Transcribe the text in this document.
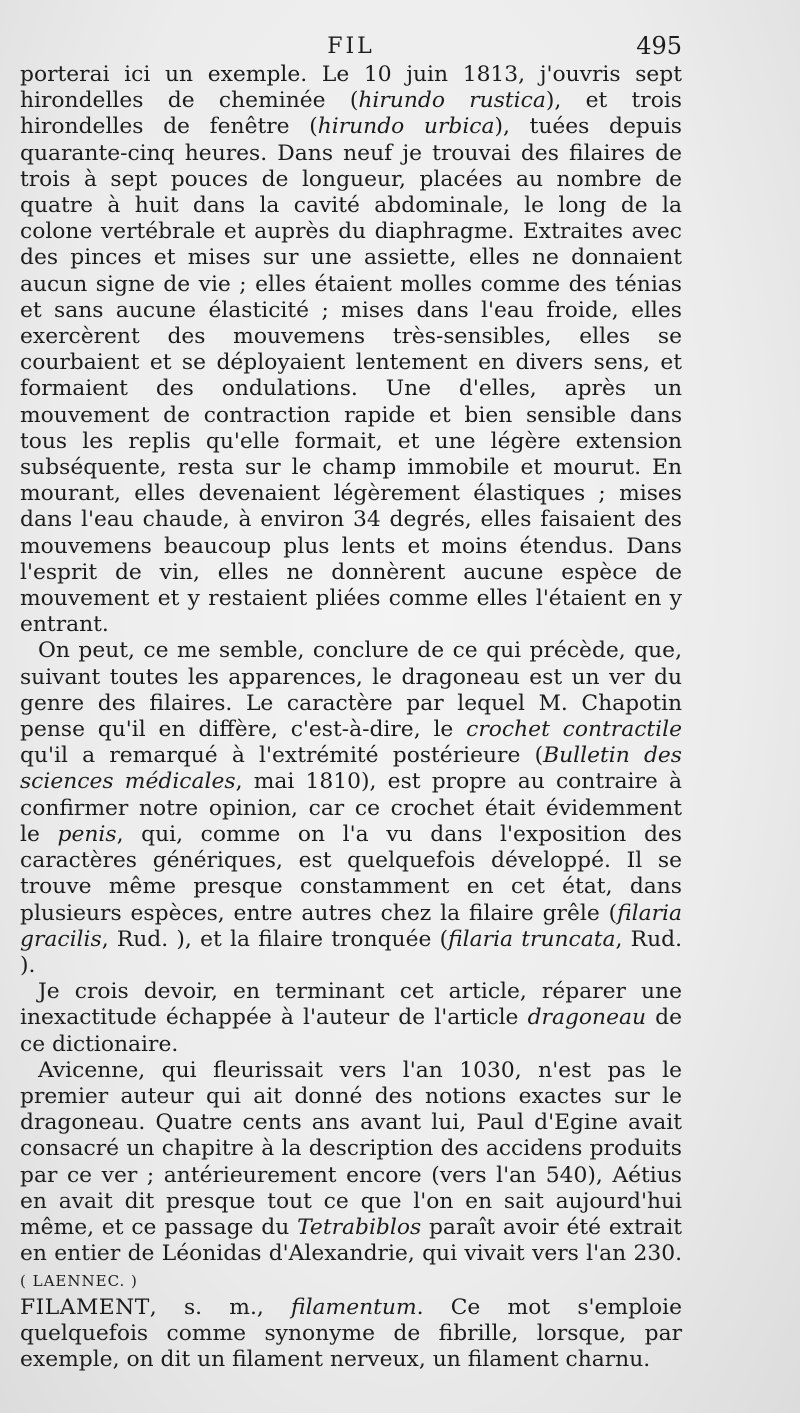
FIL	495

porterai ici un exemple. Le 10 juin 1813, j'ouvris sept hirondelles de cheminée (hirundo rustica), et trois hirondelles de fenêtre (hirundo urbica), tuées depuis quarante-cinq heures. Dans neuf je trouvai des filaires de trois à sept pouces de longueur, placées au nombre de quatre à huit dans la cavité abdominale, le long de la colone vertébrale et auprès du diaphragme. Extraites avec des pinces et mises sur une assiette, elles ne donnaient aucun signe de vie ; elles étaient molles comme des ténias et sans aucune élasticité ; mises dans l'eau froide, elles exercèrent des mouvemens très-sensibles, elles se courbaient et se déployaient lentement en divers sens, et formaient des ondulations. Une d'elles, après un mouvement de contraction rapide et bien sensible dans tous les replis qu'elle formait, et une légère extension subséquente, resta sur le champ immobile et mourut. En mourant, elles devenaient légèrement élastiques ; mises dans l'eau chaude, à environ 34 degrés, elles faisaient des mouvemens beaucoup plus lents et moins étendus. Dans l'esprit de vin, elles ne donnèrent aucune espèce de mouvement et y restaient pliées comme elles l'étaient en y entrant.

On peut, ce me semble, conclure de ce qui précède, que, suivant toutes les apparences, le dragoneau est un ver du genre des filaires. Le caractère par lequel M. Chapotin pense qu'il en diffère, c'est-à-dire, le crochet contractile qu'il a remarqué à l'extrémité postérieure (Bulletin des sciences médicales, mai 1810), est propre au contraire à confirmer notre opinion, car ce crochet était évidemment le penis, qui, comme on l'a vu dans l'exposition des caractères génériques, est quelquefois développé. Il se trouve même presque constamment en cet état, dans plusieurs espèces, entre autres chez la filaire grêle (filaria gracilis, Rud. ), et la filaire tronquée (filaria truncata, Rud. ).

Je crois devoir, en terminant cet article, réparer une inexactitude échappée à l'auteur de l'article dragoneau de ce dictionaire.

Avicenne, qui fleurissait vers l'an 1030, n'est pas le premier auteur qui ait donné des notions exactes sur le dragoneau. Quatre cents ans avant lui, Paul d'Egine avait consacré un chapitre à la description des accidens produits par ce ver ; antérieurement encore (vers l'an 540), Aétius en avait dit presque tout ce que l'on en sait aujourd'hui même, et ce passage du Tetrabiblos paraît avoir été extrait en entier de Léonidas d'Alexandrie, qui vivait vers l'an 230. ( LAENNEC. )

FILAMENT, s. m., filamentum. Ce mot s'emploie quelquefois comme synonyme de fibrille, lorsque, par exemple, on dit un filament nerveux, un filament charnu.
